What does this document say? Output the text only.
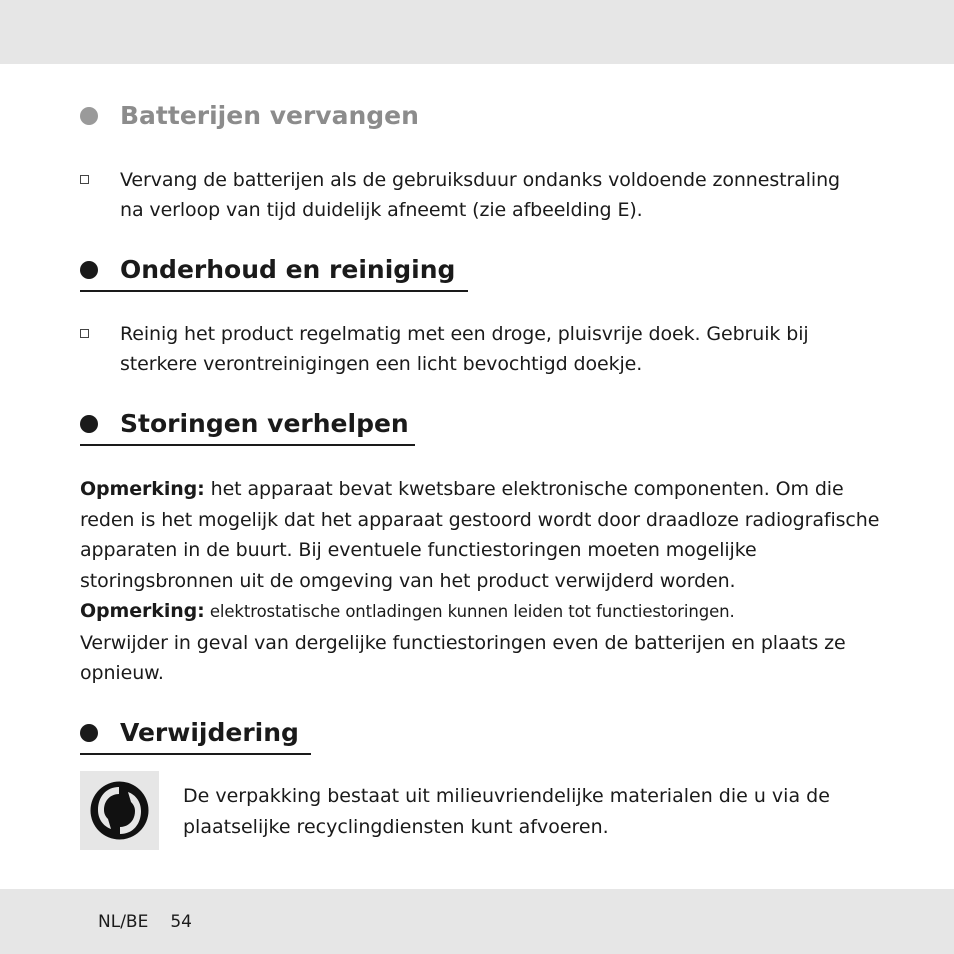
Batterijen vervangen
Vervang de batterijen als de gebruiksduur ondanks voldoende zonnestraling
na verloop van tijd duidelijk afneemt (zie afbeelding E).
Onderhoud en reiniging
Reinig het product regelmatig met een droge, pluisvrije doek. Gebruik bij
sterkere verontreinigingen een licht bevochtigd doekje.
Storingen verhelpen
Opmerking: het apparaat bevat kwetsbare elektronische componenten. Om die
reden is het mogelijk dat het apparaat gestoord wordt door draadloze radiografische
apparaten in de buurt. Bij eventuele functiestoringen moeten mogelijke
storingsbronnen uit de omgeving van het product verwijderd worden.
Opmerking: elektrostatische ontladingen kunnen leiden tot functiestoringen.
Verwijder in geval van dergelijke functiestoringen even de batterijen en plaats ze
opnieuw.
Verwijdering
De verpakking bestaat uit milieuvriendelijke materialen die u via de
plaatselijke recyclingdiensten kunt afvoeren.
NL/BE 54
